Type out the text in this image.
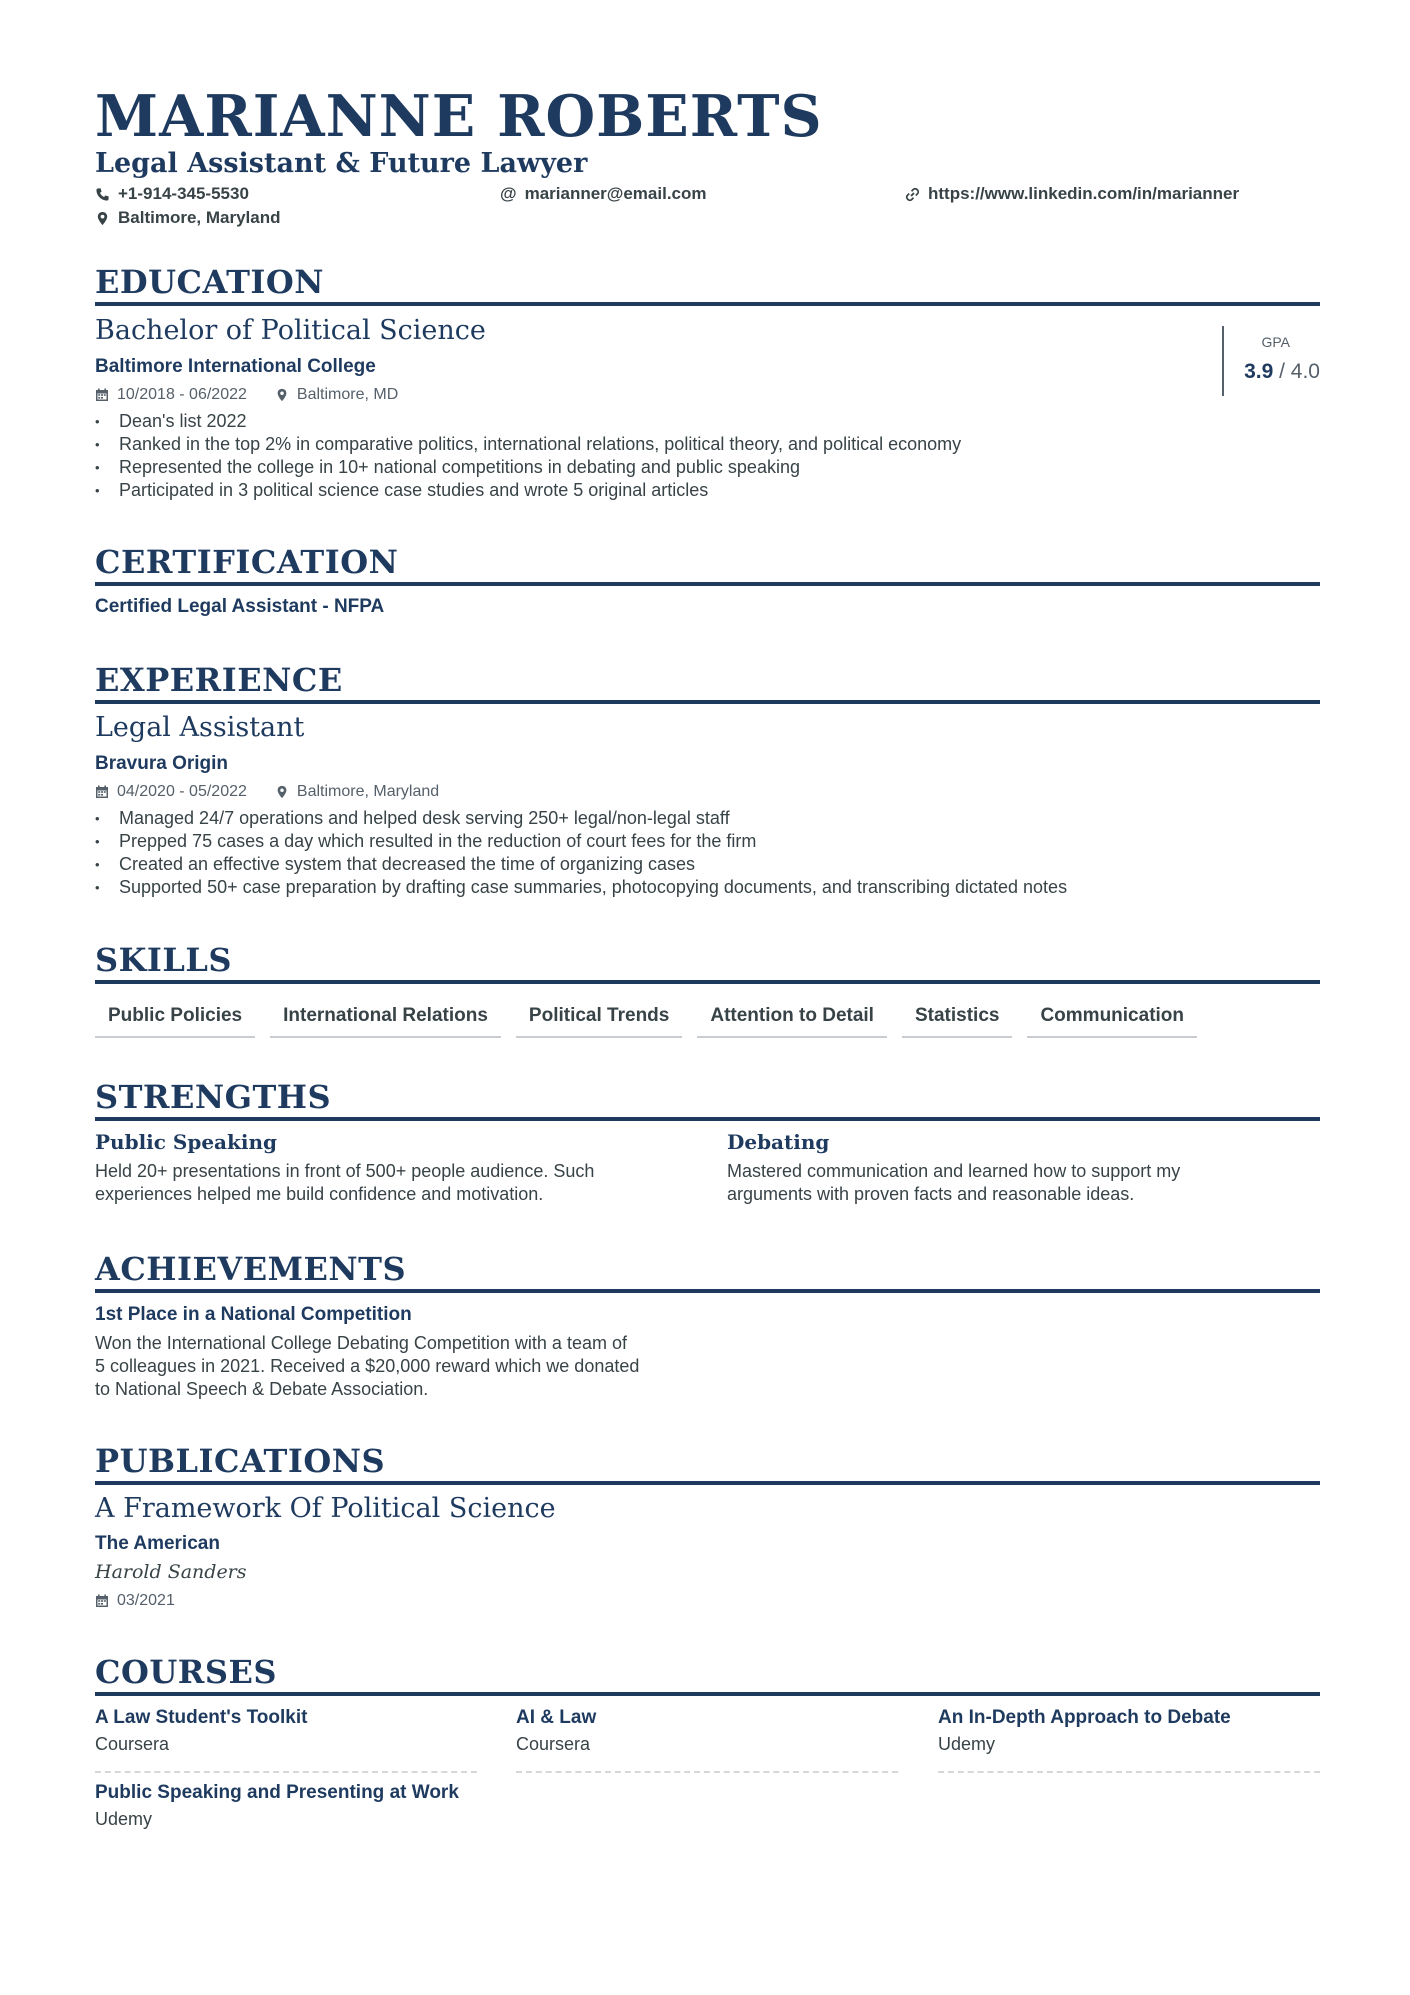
MARIANNE ROBERTS
Legal Assistant & Future Lawyer
+1-914-345-5530	@ marianner@email.com	https://www.linkedin.com/in/marianner
Baltimore, Maryland
EDUCATION
Bachelor of Political Science
Baltimore International College
10/2018 - 06/2022	Baltimore, MD
• Dean's list 2022
• Ranked in the top 2% in comparative politics, international relations, political theory, and political economy
• Represented the college in 10+ national competitions in debating and public speaking
• Participated in 3 political science case studies and wrote 5 original articles
GPA
3.9 / 4.0
CERTIFICATION
Certified Legal Assistant - NFPA
EXPERIENCE
Legal Assistant
Bravura Origin
04/2020 - 05/2022	Baltimore, Maryland
• Managed 24/7 operations and helped desk serving 250+ legal/non-legal staff
• Prepped 75 cases a day which resulted in the reduction of court fees for the firm
• Created an effective system that decreased the time of organizing cases
• Supported 50+ case preparation by drafting case summaries, photocopying documents, and transcribing dictated notes
SKILLS
Public Policies	International Relations	Political Trends	Attention to Detail	Statistics	Communication
STRENGTHS
Public Speaking
Held 20+ presentations in front of 500+ people audience. Such
experiences helped me build confidence and motivation.
Debating
Mastered communication and learned how to support my
arguments with proven facts and reasonable ideas.
ACHIEVEMENTS
1st Place in a National Competition
Won the International College Debating Competition with a team of
5 colleagues in 2021. Received a $20,000 reward which we donated
to National Speech & Debate Association.
PUBLICATIONS
A Framework Of Political Science
The American
Harold Sanders
03/2021
COURSES
A Law Student's Toolkit
Coursera
AI & Law
Coursera
An In-Depth Approach to Debate
Udemy
Public Speaking and Presenting at Work
Udemy
